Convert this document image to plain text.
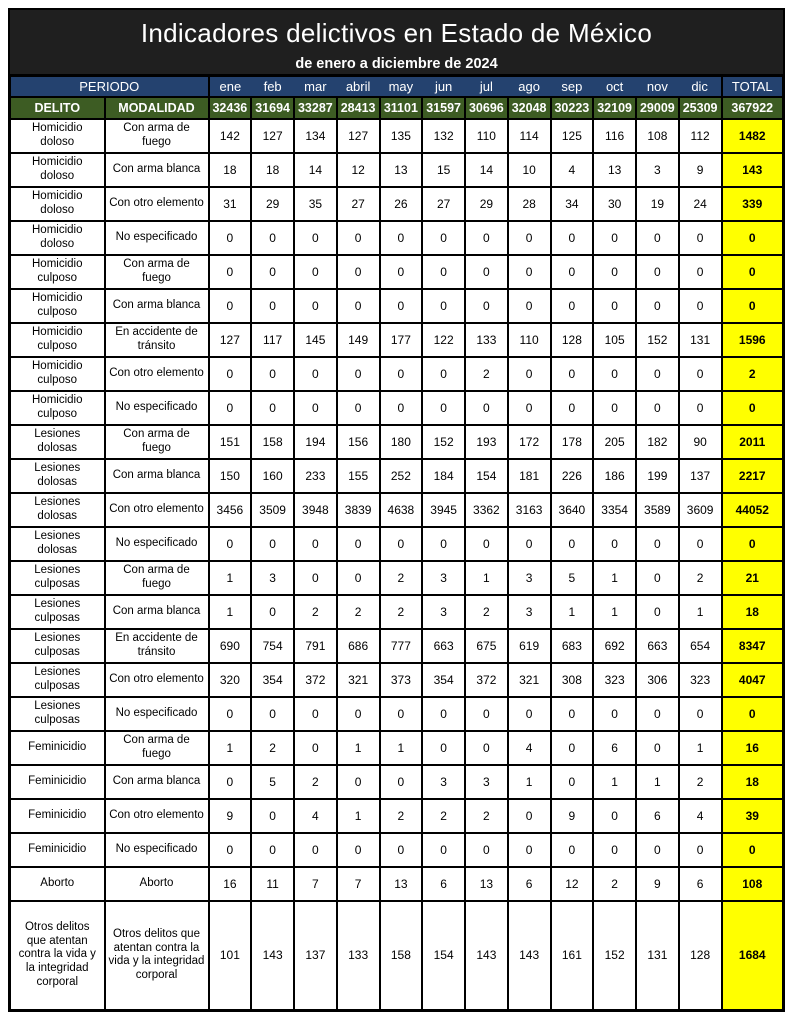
Indicadores delictivos en Estado de México
de enero a diciembre de 2024
PERIODO		ene	feb	mar	abril	may	jun	jul	ago	sep	oct	nov	dic	TOTAL
DELITO	MODALIDAD	32436	31694	33287	28413	31101	31597	30696	32048	30223	32109	29009	25309	367922
Homicidio doloso	Con arma de fuego	142	127	134	127	135	132	110	114	125	116	108	112	1482
Homicidio doloso	Con arma blanca	18	18	14	12	13	15	14	10	4	13	3	9	143
Homicidio doloso	Con otro elemento	31	29	35	27	26	27	29	28	34	30	19	24	339
Homicidio doloso	No especificado	0	0	0	0	0	0	0	0	0	0	0	0	0
Homicidio culposo	Con arma de fuego	0	0	0	0	0	0	0	0	0	0	0	0	0
Homicidio culposo	Con arma blanca	0	0	0	0	0	0	0	0	0	0	0	0	0
Homicidio culposo	En accidente de tránsito	127	117	145	149	177	122	133	110	128	105	152	131	1596
Homicidio culposo	Con otro elemento	0	0	0	0	0	0	2	0	0	0	0	0	2
Homicidio culposo	No especificado	0	0	0	0	0	0	0	0	0	0	0	0	0
Lesiones dolosas	Con arma de fuego	151	158	194	156	180	152	193	172	178	205	182	90	2011
Lesiones dolosas	Con arma blanca	150	160	233	155	252	184	154	181	226	186	199	137	2217
Lesiones dolosas	Con otro elemento	3456	3509	3948	3839	4638	3945	3362	3163	3640	3354	3589	3609	44052
Lesiones dolosas	No especificado	0	0	0	0	0	0	0	0	0	0	0	0	0
Lesiones culposas	Con arma de fuego	1	3	0	0	2	3	1	3	5	1	0	2	21
Lesiones culposas	Con arma blanca	1	0	2	2	2	3	2	3	1	1	0	1	18
Lesiones culposas	En accidente de tránsito	690	754	791	686	777	663	675	619	683	692	663	654	8347
Lesiones culposas	Con otro elemento	320	354	372	321	373	354	372	321	308	323	306	323	4047
Lesiones culposas	No especificado	0	0	0	0	0	0	0	0	0	0	0	0	0
Feminicidio	Con arma de fuego	1	2	0	1	1	0	0	4	0	6	0	1	16
Feminicidio	Con arma blanca	0	5	2	0	0	3	3	1	0	1	1	2	18
Feminicidio	Con otro elemento	9	0	4	1	2	2	2	0	9	0	6	4	39
Feminicidio	No especificado	0	0	0	0	0	0	0	0	0	0	0	0	0
Aborto	Aborto	16	11	7	7	13	6	13	6	12	2	9	6	108
Otros delitos que atentan contra la vida y la integridad corporal	Otros delitos que atentan contra la vida y la integridad corporal	101	143	137	133	158	154	143	143	161	152	131	128	1684
